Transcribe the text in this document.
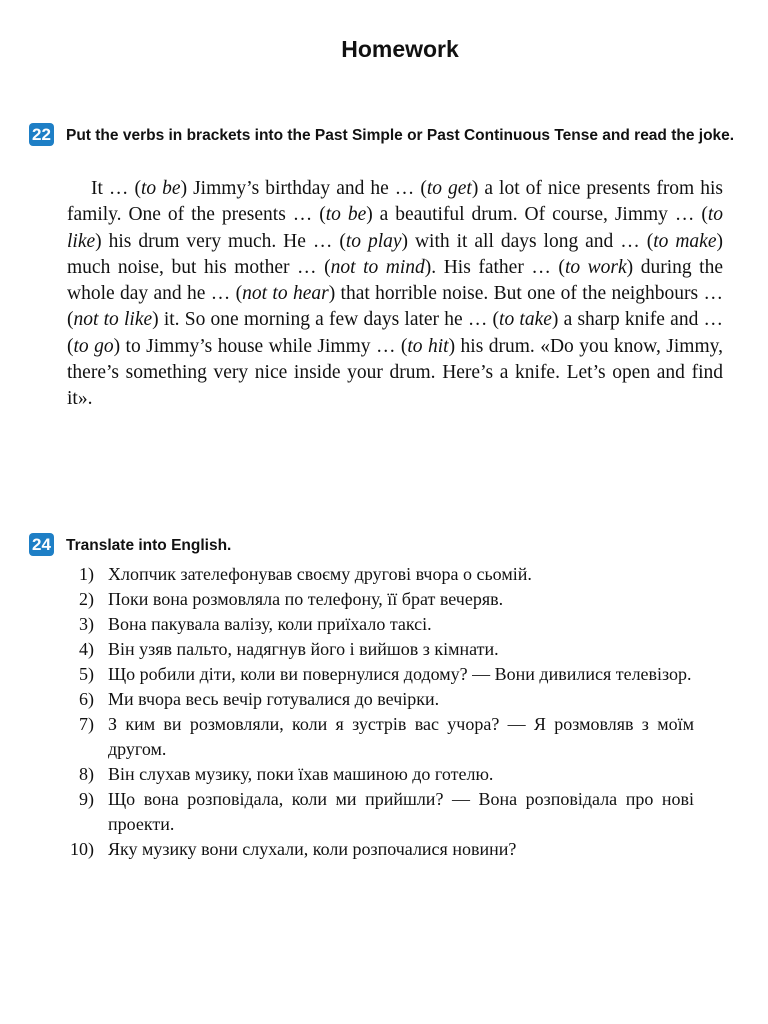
Homework
22 Put the verbs in brackets into the Past Simple or Past Continuous Tense and read the joke.
It … (to be) Jimmy’s birthday and he … (to get) a lot of nice presents from his family. One of the presents … (to be) a beautiful drum. Of course, Jimmy … (to like) his drum very much. He … (to play) with it all days long and … (to make) much noise, but his mother … (not to mind). His father … (to work) during the whole day and he … (not to hear) that horrible noise. But one of the neighbours … (not to like) it. So one morning a few days later he … (to take) a sharp knife and … (to go) to Jimmy’s house while Jimmy … (to hit) his drum. «Do you know, Jimmy, there’s something very nice inside your drum. Here’s a knife. Let’s open and find it».
24 Translate into English.
1) Хлопчик зателефонував своєму другові вчора о сьомій.
2) Поки вона розмовляла по телефону, її брат вечеряв.
3) Вона пакувала валізу, коли приїхало таксі.
4) Він узяв пальто, надягнув його і вийшов з кімнати.
5) Що робили діти, коли ви повернулися додому? — Вони дивилися телевізор.
6) Ми вчора весь вечір готувалися до вечірки.
7) З ким ви розмовляли, коли я зустрів вас учора? — Я розмовляв з моїм другом.
8) Він слухав музику, поки їхав машиною до готелю.
9) Що вона розповідала, коли ми прийшли? — Вона розповідала про нові проекти.
10) Яку музику вони слухали, коли розпочалися новини?
